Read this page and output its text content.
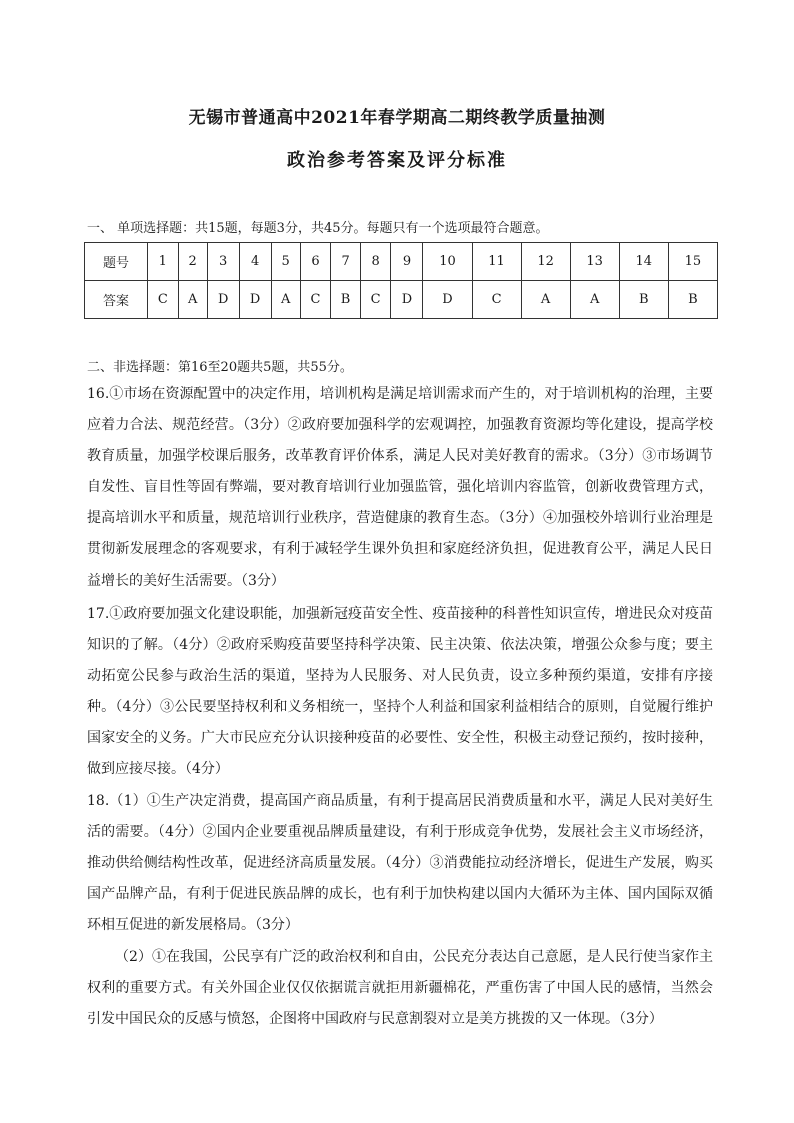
无锡市普通高中2021年春学期高二期终教学质量抽测
政治参考答案及评分标准
一、 单项选择题：共15题，每题3分，共45分。每题只有一个选项最符合题意。
题号	1	2	3	4	5	6	7	8	9	10	11	12	13	14	15
答案	C	A	D	D	A	C	B	C	D	D	C	A	A	B	B
二、非选择题：第16至20题共5题，共55分。
16.①市场在资源配置中的决定作用，培训机构是满足培训需求而产生的，对于培训机构的治理，主要应着力合法、规范经营。（3分）②政府要加强科学的宏观调控，加强教育资源均等化建设，提高学校教育质量，加强学校课后服务，改革教育评价体系，满足人民对美好教育的需求。（3分）③市场调节自发性、盲目性等固有弊端，要对教育培训行业加强监管，强化培训内容监管，创新收费管理方式，提高培训水平和质量，规范培训行业秩序，营造健康的教育生态。（3分）④加强校外培训行业治理是贯彻新发展理念的客观要求，有利于减轻学生课外负担和家庭经济负担，促进教育公平，满足人民日益增长的美好生活需要。（3分）
17.①政府要加强文化建设职能，加强新冠疫苗安全性、疫苗接种的科普性知识宣传，增进民众对疫苗知识的了解。（4分）②政府采购疫苗要坚持科学决策、民主决策、依法决策，增强公众参与度；要主动拓宽公民参与政治生活的渠道，坚持为人民服务、对人民负责，设立多种预约渠道，安排有序接种。（4分）③公民要坚持权利和义务相统一，坚持个人利益和国家利益相结合的原则，自觉履行维护国家安全的义务。广大市民应充分认识接种疫苗的必要性、安全性，积极主动登记预约，按时接种，做到应接尽接。（4分）
18.（1）①生产决定消费，提高国产商品质量，有利于提高居民消费质量和水平，满足人民对美好生活的需要。（4分）②国内企业要重视品牌质量建设，有利于形成竞争优势，发展社会主义市场经济，推动供给侧结构性改革，促进经济高质量发展。（4分）③消费能拉动经济增长，促进生产发展，购买国产品牌产品，有利于促进民族品牌的成长，也有利于加快构建以国内大循环为主体、国内国际双循环相互促进的新发展格局。（3分）
（2）①在我国，公民享有广泛的政治权利和自由，公民充分表达自己意愿，是人民行使当家作主权利的重要方式。有关外国企业仅仅依据谎言就拒用新疆棉花，严重伤害了中国人民的感情，当然会引发中国民众的反感与愤怒，企图将中国政府与民意割裂对立是美方挑拨的又一体现。（3分）
